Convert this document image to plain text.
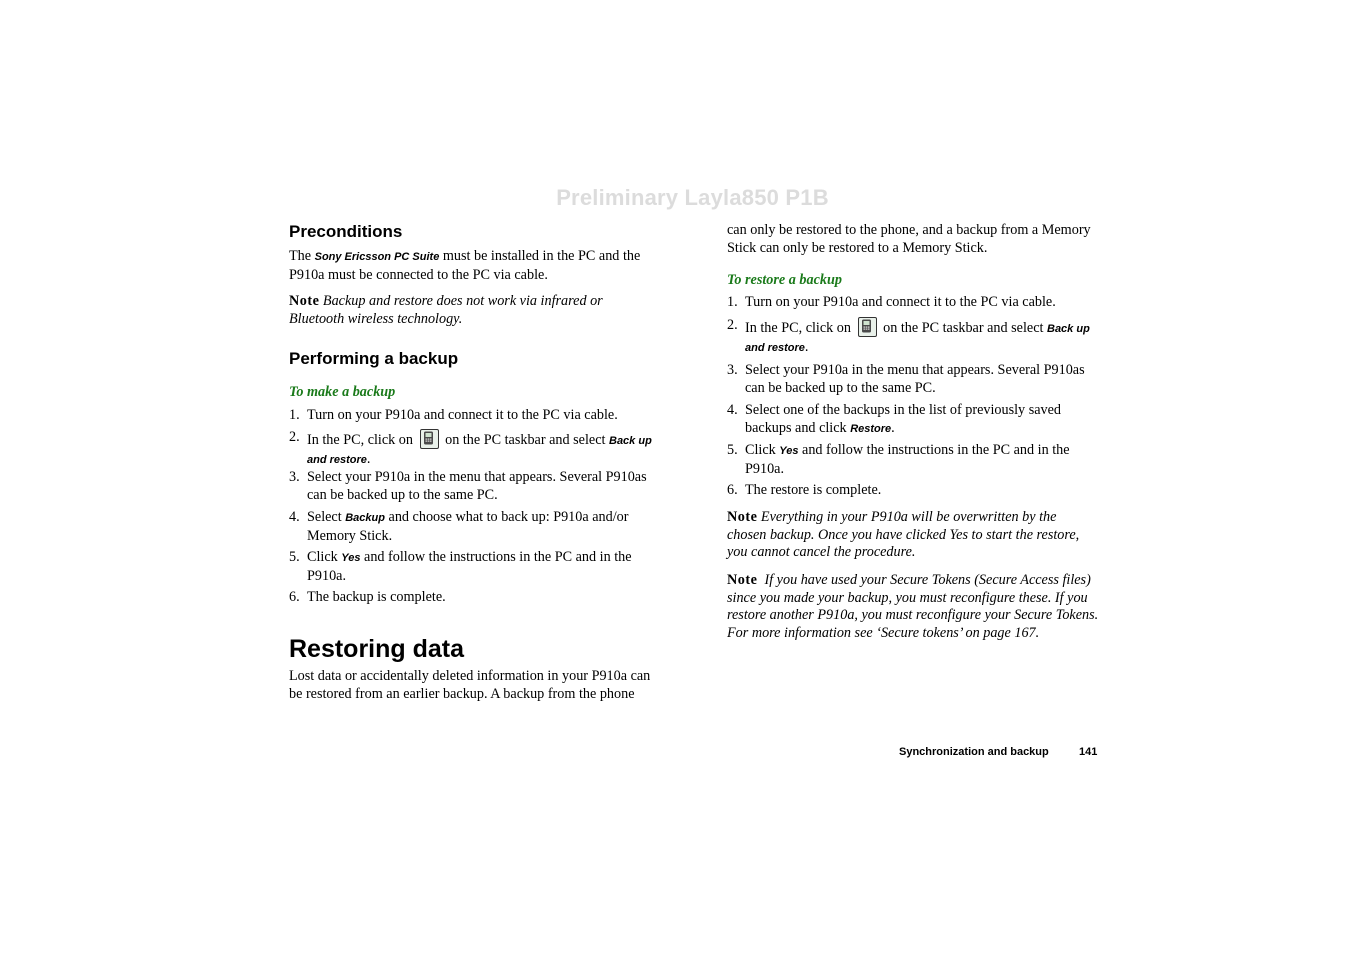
Preliminary Layla850 P1B
Preconditions
The Sony Ericsson PC Suite must be installed in the PC and the P910a must be connected to the PC via cable.
Note Backup and restore does not work via infrared or Bluetooth wireless technology.
Performing a backup
To make a backup
1. Turn on your P910a and connect it to the PC via cable.
2. In the PC, click on on the PC taskbar and select Back up and restore.
3. Select your P910a in the menu that appears. Several P910as can be backed up to the same PC.
4. Select Backup and choose what to back up: P910a and/or Memory Stick.
5. Click Yes and follow the instructions in the PC and in the P910a.
6. The backup is complete.
Restoring data
Lost data or accidentally deleted information in your P910a can be restored from an earlier backup. A backup from the phone
can only be restored to the phone, and a backup from a Memory Stick can only be restored to a Memory Stick.
To restore a backup
1. Turn on your P910a and connect it to the PC via cable.
2. In the PC, click on on the PC taskbar and select Back up and restore.
3. Select your P910a in the menu that appears. Several P910as can be backed up to the same PC.
4. Select one of the backups in the list of previously saved backups and click Restore.
5. Click Yes and follow the instructions in the PC and in the P910a.
6. The restore is complete.
Note Everything in your P910a will be overwritten by the chosen backup. Once you have clicked Yes to start the restore, you cannot cancel the procedure.
Note If you have used your Secure Tokens (Secure Access files) since you made your backup, you must reconfigure these. If you restore another P910a, you must reconfigure your Secure Tokens. For more information see ‘Secure tokens’ on page 167.
Synchronization and backup	141
